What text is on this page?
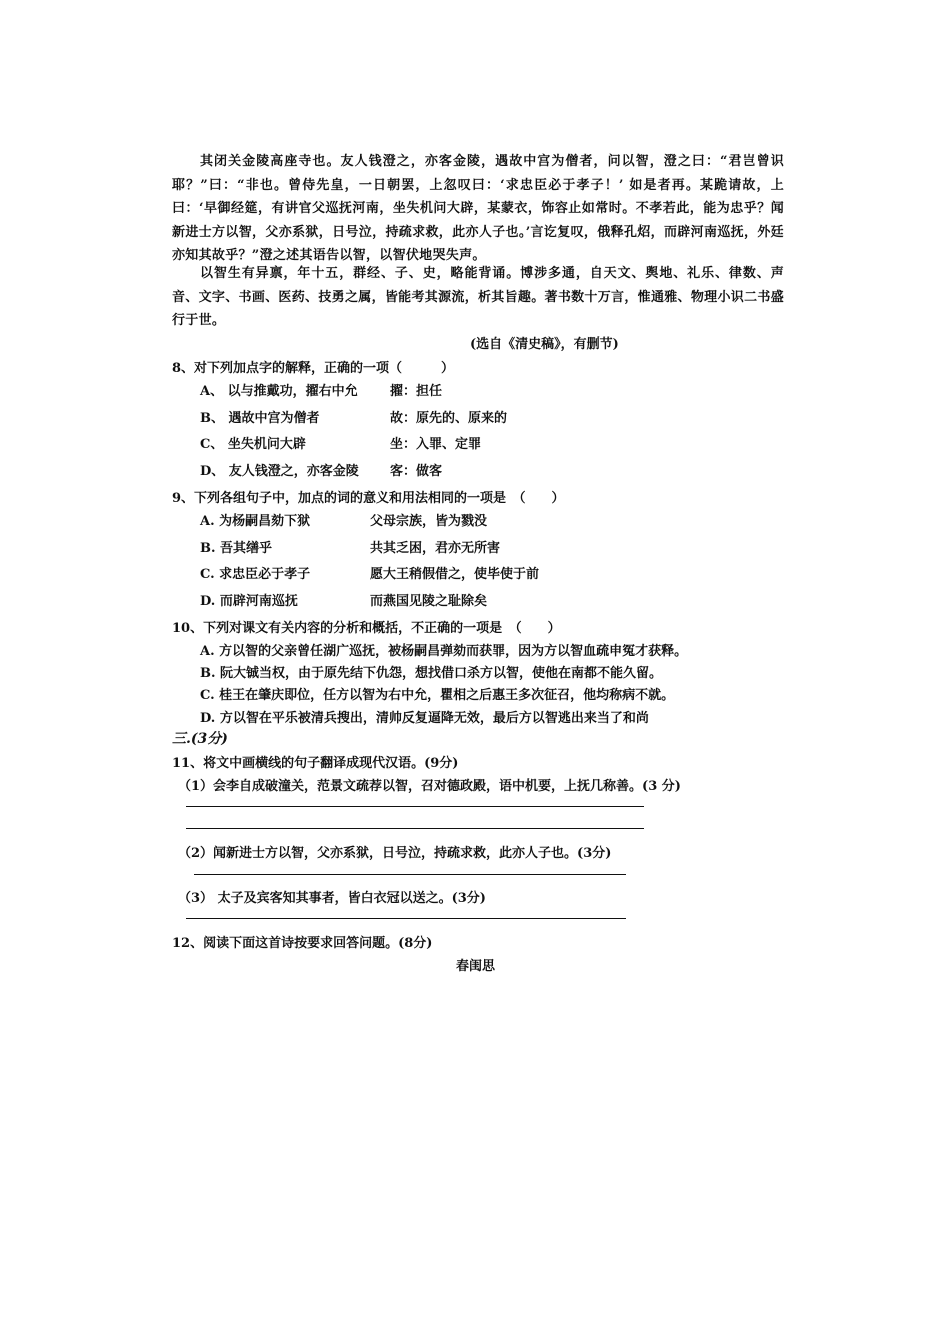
其闭关金陵高座寺也。友人钱澄之，亦客金陵，遇故中宫为僧者，问以智，澄之曰：“君岂曾识耶？”曰：“非也。曾侍先皇，一日朝罢，上忽叹曰：‘求忠臣必于孝子！’ 如是者再。某跪请故，上曰：‘早御经筵，有讲官父巡抚河南，坐失机问大辟，某蒙衣，饰容止如常时。不孝若此，能为忠乎？闻新进士方以智，父亦系狱，日号泣，持疏求救，此亦人子也。’言讫复叹，俄释孔炤，而辟河南巡抚，外廷亦知其故乎？”澄之述其语告以智，以智伏地哭失声。
以智生有异禀，年十五，群经、子、史，略能背诵。博涉多通，自天文、舆地、礼乐、律数、声音、文字、书画、医药、技勇之属，皆能考其源流，析其旨趣。著书数十万言，惟通雅、物理小识二书盛行于世。
(选自《清史稿》，有删节)
8、对下列加点字的解释，正确的一项（　　　）
A、 以与推戴功，擢右中允 擢：担任
B、 遇故中宫为僧者	故：原先的、原来的
C、 坐失机问大辟	坐：入罪、定罪
D、 友人钱澄之，亦客金陵 客：做客
9、下列各组句子中，加点的词的意义和用法相同的一项是　（　　）
A. 为杨嗣昌劾下狱	父母宗族，皆为戮没
B. 吾其缮乎	共其乏困，君亦无所害
C. 求忠臣必于孝子	愿大王稍假借之，使毕使于前
D. 而辟河南巡抚	而燕国见陵之耻除矣
10、下列对课文有关内容的分析和概括，不正确的一项是　（　　）
A. 方以智的父亲曾任湖广巡抚，被杨嗣昌弹劾而获罪，因为方以智血疏申冤才获释。
B. 阮大铖当权，由于原先结下仇怨，想找借口杀方以智，使他在南都不能久留。
C. 桂王在肇庆即位，任方以智为右中允，瞿相之后惠王多次征召，他均称病不就。
D. 方以智在平乐被清兵搜出，清帅反复逼降无效，最后方以智逃出来当了和尚
三.(3分)
11、将文中画横线的句子翻译成现代汉语。(9分)
（1）会李自成破潼关，范景文疏荐以智，召对德政殿，语中机要，上抚几称善。(3 分)
（2）闻新进士方以智，父亦系狱，日号泣，持疏求救，此亦人子也。(3分)
（3） 太子及宾客知其事者，皆白衣冠以送之。(3分)
12、阅读下面这首诗按要求回答问题。(8分)
春闺思
